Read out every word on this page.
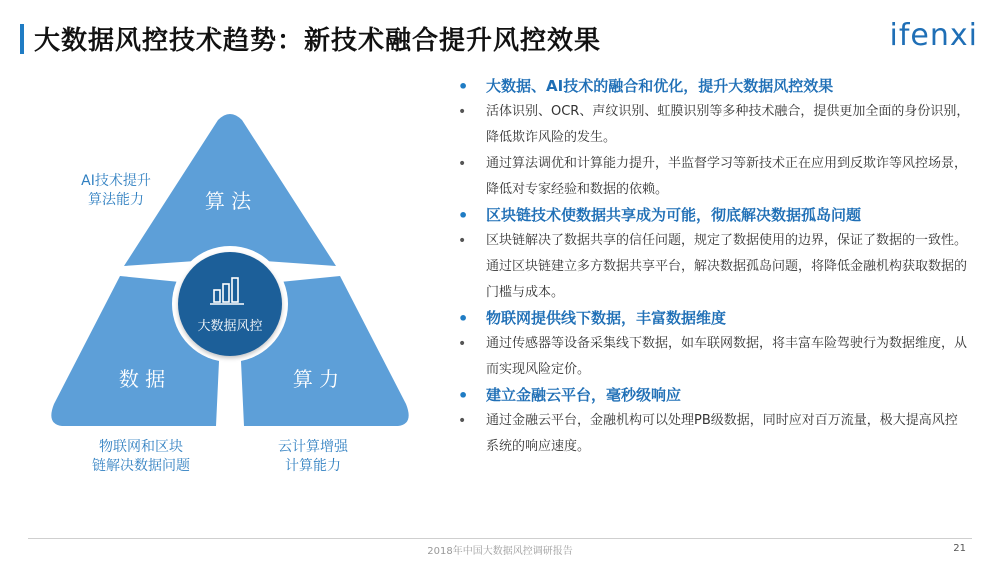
大数据风控技术趋势：新技术融合提升风控效果	ifenxi
大数据风控
算 法
数 据	算 力
AI技术提升
算法能力
物联网和区块
链解决数据问题
云计算增强
计算能力
• 大数据、AI技术的融合和优化，提升大数据风控效果
• 活体识别、OCR、声纹识别、虹膜识别等多种技术融合，提供更加全面的身份识别，降低欺诈风险的发生。
• 通过算法调优和计算能力提升，半监督学习等新技术正在应用到反欺诈等风控场景，降低对专家经验和数据的依赖。
• 区块链技术使数据共享成为可能，彻底解决数据孤岛问题
• 区块链解决了数据共享的信任问题，规定了数据使用的边界，保证了数据的一致性。通过区块链建立多方数据共享平台，解决数据孤岛问题，将降低金融机构获取数据的门槛与成本。
• 物联网提供线下数据，丰富数据维度
• 通过传感器等设备采集线下数据，如车联网数据，将丰富车险驾驶行为数据维度，从而实现风险定价。
• 建立金融云平台，毫秒级响应
• 通过金融云平台，金融机构可以处理PB级数据，同时应对百万流量，极大提高风控系统的响应速度。
2018年中国大数据风控调研报告	21
